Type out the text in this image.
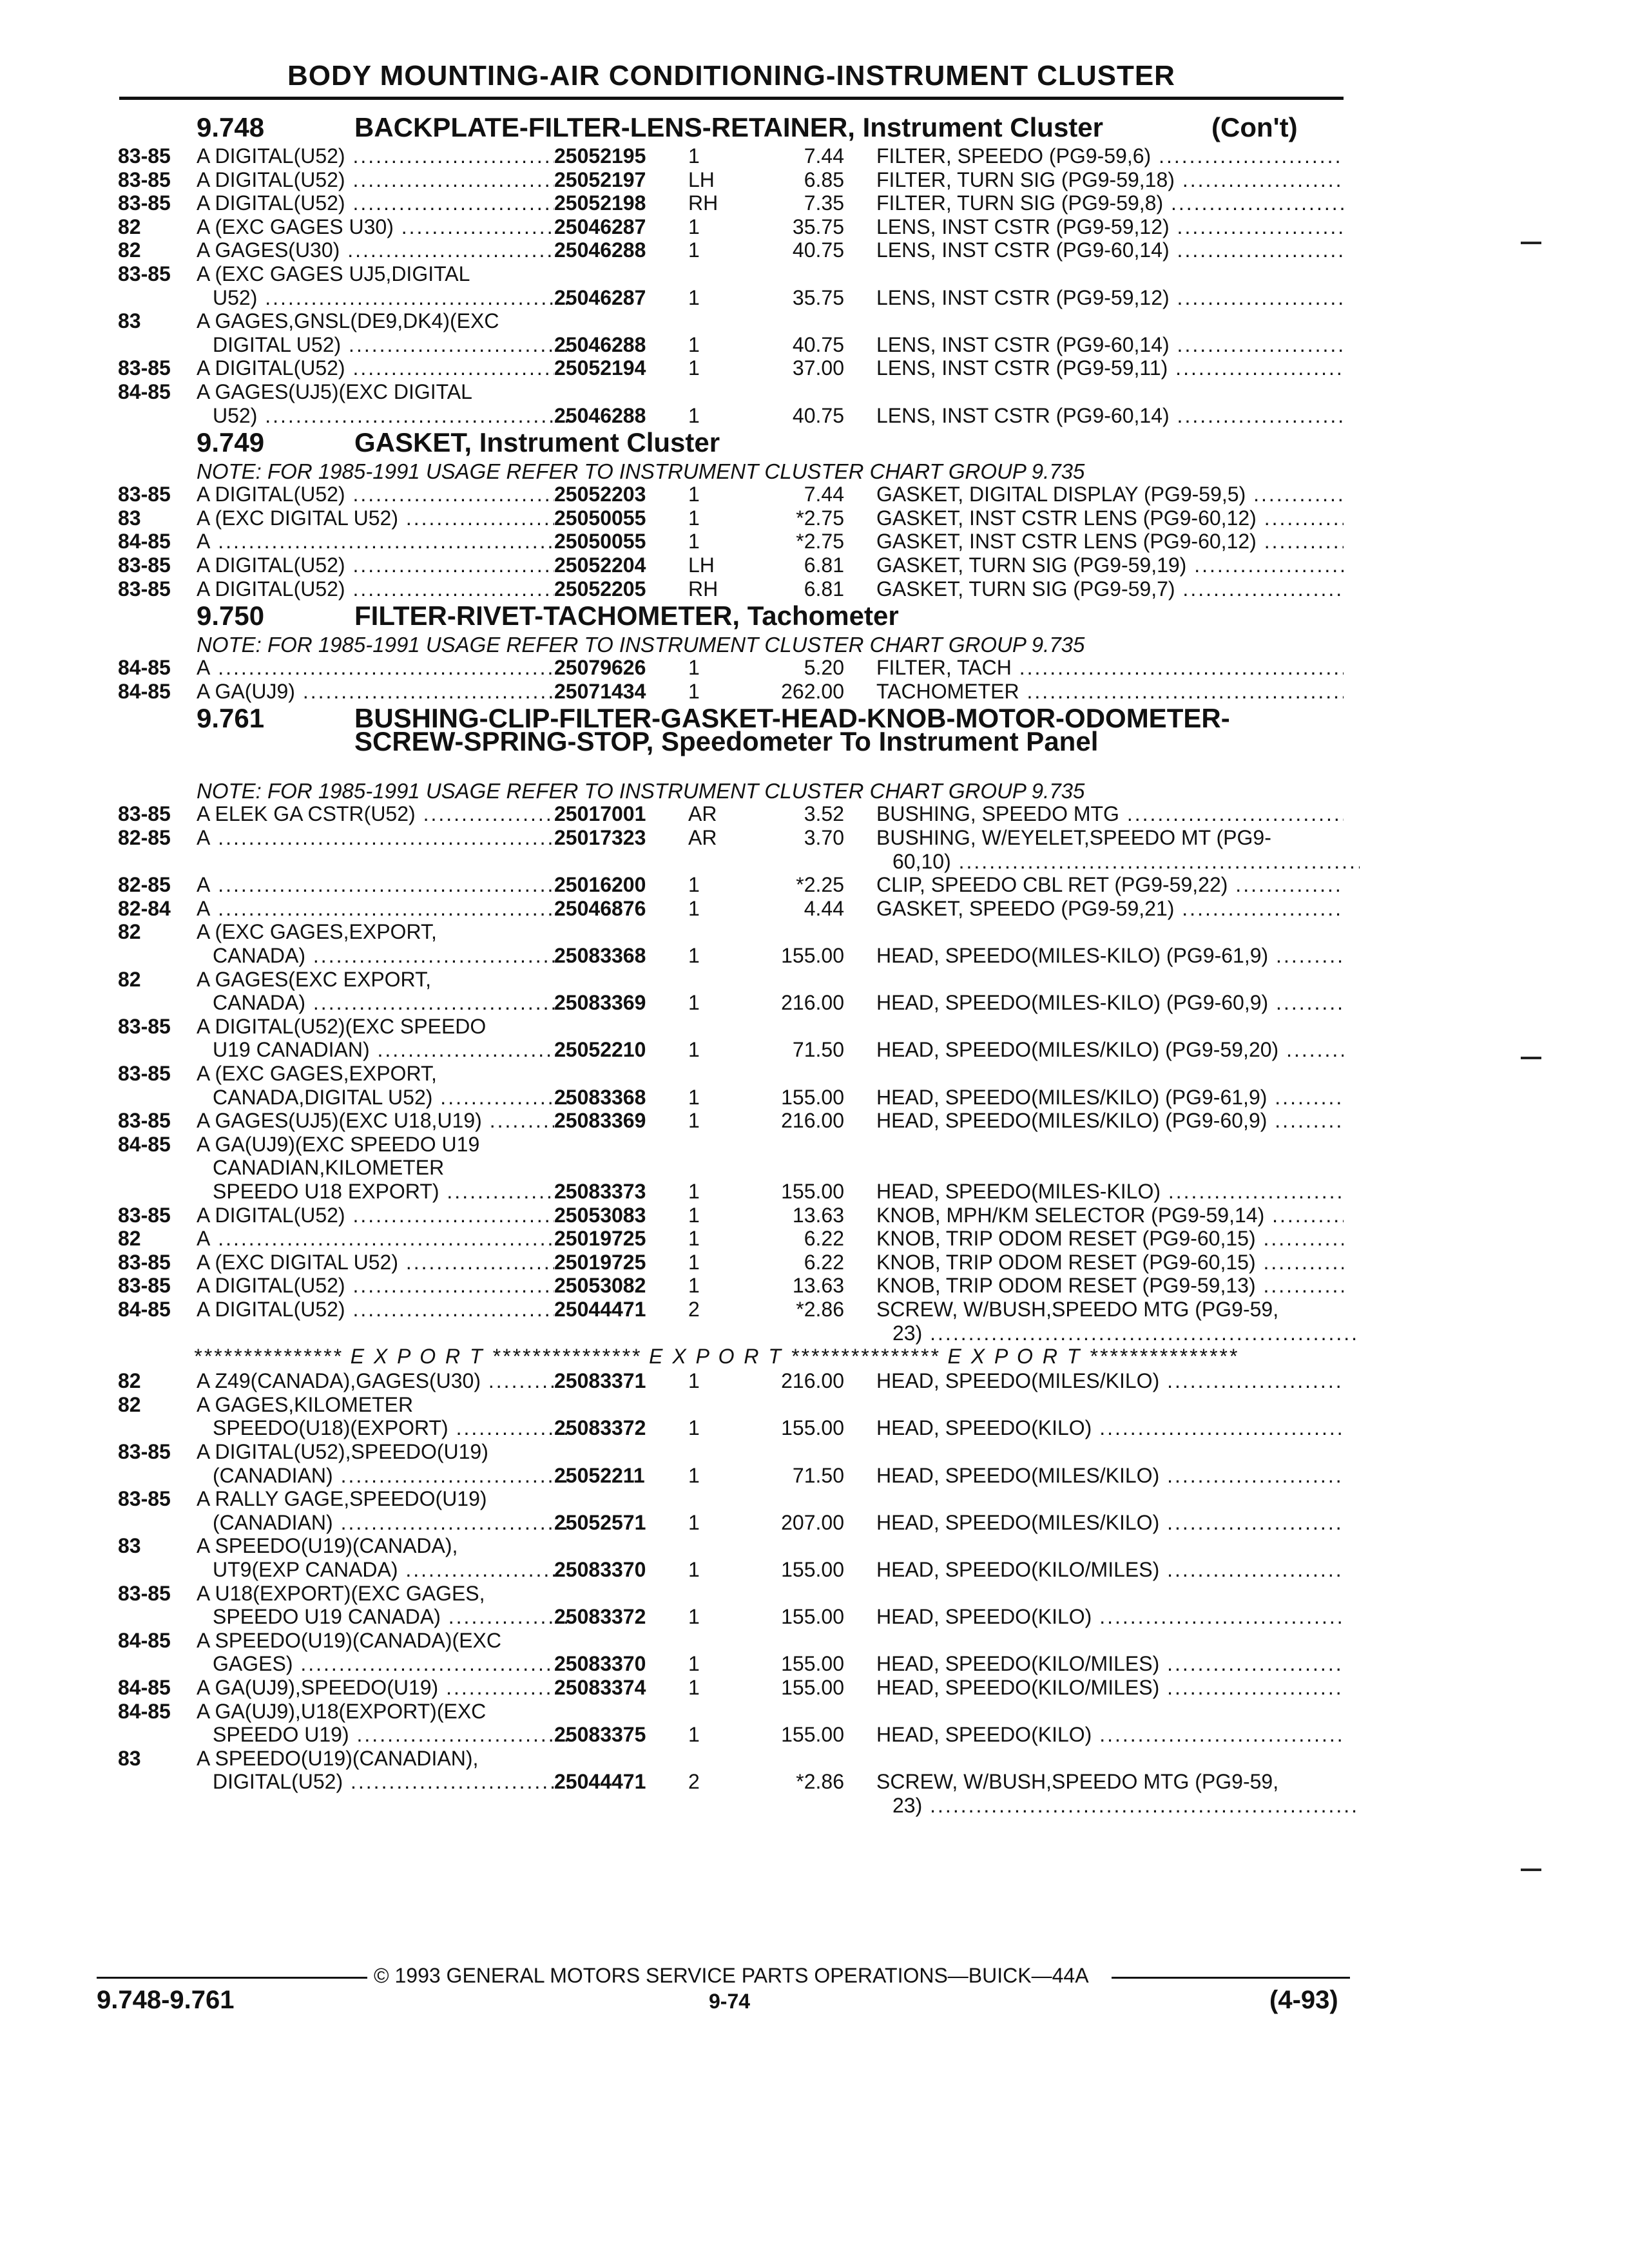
BODY MOUNTING-AIR CONDITIONING-INSTRUMENT CLUSTER
9.748	BACKPLATE-FILTER-LENS-RETAINER, Instrument Cluster	(Con't)
83-85 A DIGITAL(U52) .....	25052195 1	7.44 FILTER, SPEEDO (PG9-59,6) .....
83-85 A DIGITAL(U52) .....	25052197 LH	6.85 FILTER, TURN SIG (PG9-59,18) .....
83-85 A DIGITAL(U52) .....	25052198 RH	7.35 FILTER, TURN SIG (PG9-59,8) .....
82	A (EXC GAGES U30) .....	25046287 1	35.75 LENS, INST CSTR (PG9-59,12) .....
82	A GAGES(U30) .....	25046288 1	40.75 LENS, INST CSTR (PG9-60,14) .....
83-85 A (EXC GAGES UJ5,DIGITAL
U52) .....	25046287 1	35.75 LENS, INST CSTR (PG9-59,12) .....
83	A GAGES,GNSL(DE9,DK4)(EXC
DIGITAL U52) .....	25046288 1	40.75 LENS, INST CSTR (PG9-60,14) .....
83-85 A DIGITAL(U52) .....	25052194 1	37.00 LENS, INST CSTR (PG9-59,11) .....
84-85 A GAGES(UJ5)(EXC DIGITAL
U52) .....	25046288 1	40.75 LENS, INST CSTR (PG9-60,14) .....
9.749	GASKET, Instrument Cluster
NOTE: FOR 1985-1991 USAGE REFER TO INSTRUMENT CLUSTER CHART GROUP 9.735
83-85 A DIGITAL(U52) .....	25052203 1	7.44 GASKET, DIGITAL DISPLAY (PG9-59,5) .....
83	A (EXC DIGITAL U52) .....	25050055 1	*2.75 GASKET, INST CSTR LENS (PG9-60,12) .....
84-85 A .....	25050055 1	*2.75 GASKET, INST CSTR LENS (PG9-60,12) .....
83-85 A DIGITAL(U52) .....	25052204 LH	6.81 GASKET, TURN SIG (PG9-59,19) .....
83-85 A DIGITAL(U52) .....	25052205 RH	6.81 GASKET, TURN SIG (PG9-59,7) .....
9.750	FILTER-RIVET-TACHOMETER, Tachometer
NOTE: FOR 1985-1991 USAGE REFER TO INSTRUMENT CLUSTER CHART GROUP 9.735
84-85 A .....	25079626 1	5.20 FILTER, TACH .....
84-85 A GA(UJ9) .....	25071434 1	262.00 TACHOMETER .....
9.761	BUSHING-CLIP-FILTER-GASKET-HEAD-KNOB-MOTOR-ODOMETER-SCREW-SPRING-STOP, Speedometer To Instrument Panel
NOTE: FOR 1985-1991 USAGE REFER TO INSTRUMENT CLUSTER CHART GROUP 9.735
83-85 A ELEK GA CSTR(U52) .....	25017001 AR	3.52 BUSHING, SPEEDO MTG .....
82-85 A .....	25017323 AR	3.70 BUSHING, W/EYELET,SPEEDO MT (PG9-
60,10) .....
82-85 A .....	25016200 1	*2.25 CLIP, SPEEDO CBL RET (PG9-59,22) .....
82-84 A .....	25046876 1	4.44 GASKET, SPEEDO (PG9-59,21) .....
82	A (EXC GAGES,EXPORT,
CANADA) .....	25083368 1	155.00 HEAD, SPEEDO(MILES-KILO) (PG9-61,9) .....
82	A GAGES(EXC EXPORT,
CANADA) .....	25083369 1	216.00 HEAD, SPEEDO(MILES-KILO) (PG9-60,9) .....
83-85 A DIGITAL(U52)(EXC SPEEDO
U19 CANADIAN) .....	25052210 1	71.50 HEAD, SPEEDO(MILES/KILO) (PG9-59,20) .....
83-85 A (EXC GAGES,EXPORT,
CANADA,DIGITAL U52) .....	25083368 1	155.00 HEAD, SPEEDO(MILES/KILO) (PG9-61,9) .....
83-85 A GAGES(UJ5)(EXC U18,U19) .....	25083369 1	216.00 HEAD, SPEEDO(MILES/KILO) (PG9-60,9) .....
84-85 A GA(UJ9)(EXC SPEEDO U19
CANADIAN,KILOMETER
SPEEDO U18 EXPORT) .....	25083373 1	155.00 HEAD, SPEEDO(MILES-KILO) .....
83-85 A DIGITAL(U52) .....	25053083 1	13.63 KNOB, MPH/KM SELECTOR (PG9-59,14) .....
82	A .....	25019725 1	6.22 KNOB, TRIP ODOM RESET (PG9-60,15) .....
83-85 A (EXC DIGITAL U52) .....	25019725 1	6.22 KNOB, TRIP ODOM RESET (PG9-60,15) .....
83-85 A DIGITAL(U52) .....	25053082 1	13.63 KNOB, TRIP ODOM RESET (PG9-59,13) .....
84-85 A DIGITAL(U52) .....	25044471 2	*2.86 SCREW, W/BUSH,SPEEDO MTG (PG9-59,
23) .....
*************** E X P O R T *************** E X P O R T *************** E X P O R T ***************
82	A Z49(CANADA),GAGES(U30) .....	25083371 1	216.00 HEAD, SPEEDO(MILES/KILO) .....
82	A GAGES,KILOMETER
SPEEDO(U18)(EXPORT) .....	25083372 1	155.00 HEAD, SPEEDO(KILO) .....
83-85 A DIGITAL(U52),SPEEDO(U19)
(CANADIAN) .....	25052211 1	71.50 HEAD, SPEEDO(MILES/KILO) .....
83-85 A RALLY GAGE,SPEEDO(U19)
(CANADIAN) .....	25052571 1	207.00 HEAD, SPEEDO(MILES/KILO) .....
83	A SPEEDO(U19)(CANADA),
UT9(EXP CANADA) .....	25083370 1	155.00 HEAD, SPEEDO(KILO/MILES) .....
83-85 A U18(EXPORT)(EXC GAGES,
SPEEDO U19 CANADA) .....	25083372 1	155.00 HEAD, SPEEDO(KILO) .....
84-85 A SPEEDO(U19)(CANADA)(EXC
GAGES) .....	25083370 1	155.00 HEAD, SPEEDO(KILO/MILES) .....
84-85 A GA(UJ9),SPEEDO(U19) .....	25083374 1	155.00 HEAD, SPEEDO(KILO/MILES) .....
84-85 A GA(UJ9),U18(EXPORT)(EXC
SPEEDO U19) .....	25083375 1	155.00 HEAD, SPEEDO(KILO) .....
83	A SPEEDO(U19)(CANADIAN),
DIGITAL(U52) .....	25044471 2	*2.86 SCREW, W/BUSH,SPEEDO MTG (PG9-59,
23) .....
© 1993 GENERAL MOTORS SERVICE PARTS OPERATIONS—BUICK—44A
9.748-9.761	9-74	(4-93)
